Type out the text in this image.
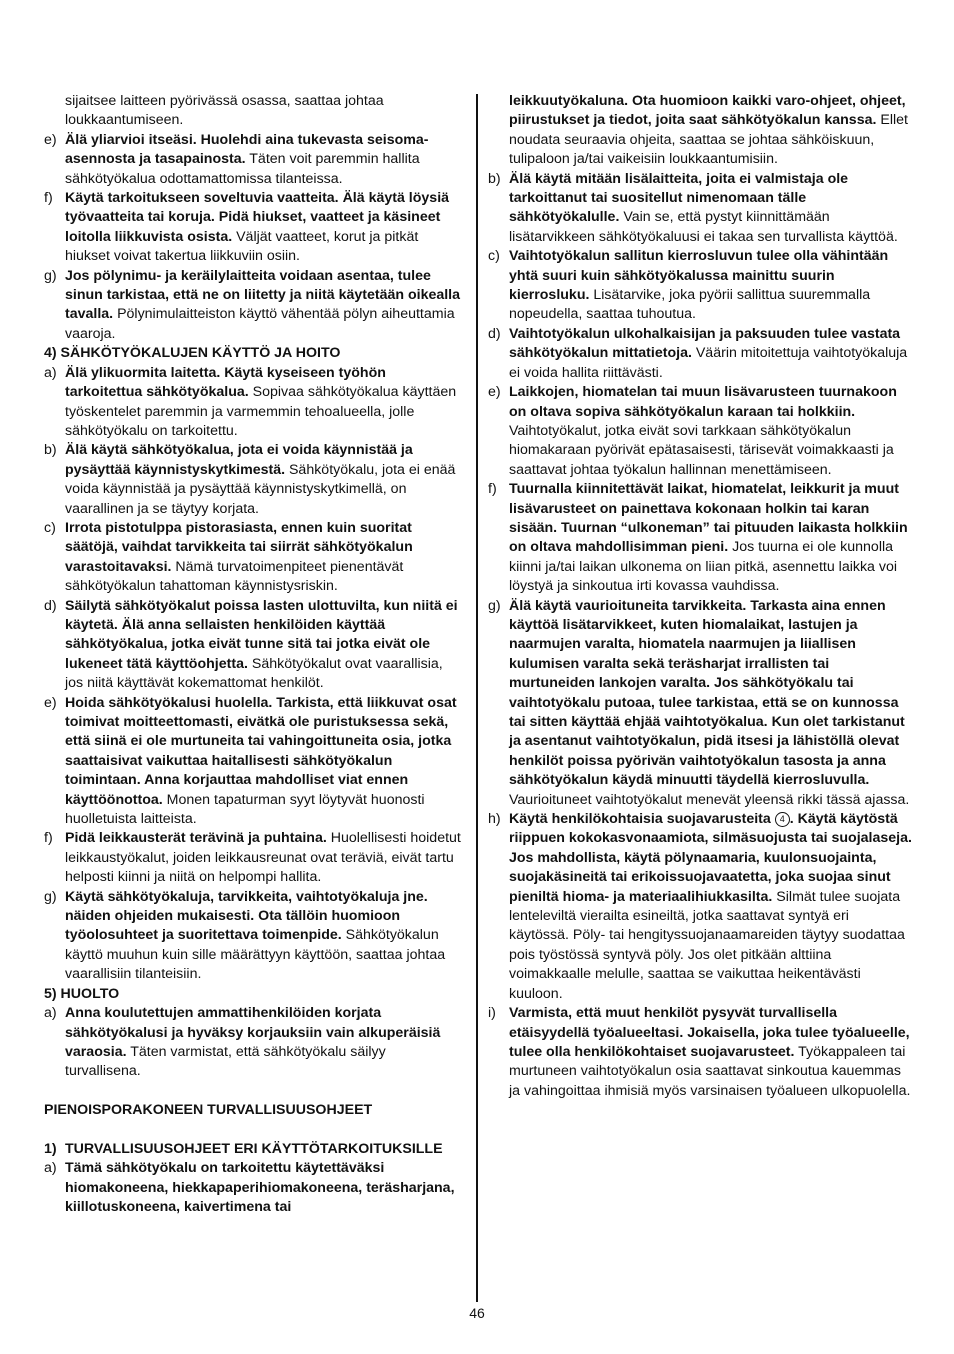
sijaitsee laitteen pyörivässä osassa, saattaa johtaa loukkaantumiseen.
e) Älä yliarvioi itseäsi. Huolehdi aina tukevasta seisoma-asennosta ja tasapainosta. Täten voit paremmin hallita sähkötyökalua odottamattomissa tilanteissa.
f) Käytä tarkoitukseen soveltuvia vaatteita. Älä käytä löysiä työvaatteita tai koruja. Pidä hiukset, vaatteet ja käsineet loitolla liikkuvista osista. Väljät vaatteet, korut ja pitkät hiukset voivat takertua liikkuviin osiin.
g) Jos pölynimu- ja keräilylaitteita voidaan asentaa, tulee sinun tarkistaa, että ne on liitetty ja niitä käytetään oikealla tavalla. Pölynimulaitteiston käyttö vähentää pölyn aiheuttamia vaaroja.
4) SÄHKÖTYÖKALUJEN KÄYTTÖ JA HOITO
a) Älä ylikuormita laitetta. Käytä kyseiseen työhön tarkoitettua sähkötyökalua. Sopivaa sähkötyökalua käyttäen työskentelet paremmin ja varmemmin tehoalueella, jolle sähkötyökalu on tarkoitettu.
b) Älä käytä sähkötyökalua, jota ei voida käynnistää ja pysäyttää käynnistyskytkimestä. Sähkötyökalu, jota ei enää voida käynnistää ja pysäyttää käynnistyskytkimellä, on vaarallinen ja se täytyy korjata.
c) Irrota pistotulppa pistorasiasta, ennen kuin suoritat säätöjä, vaihdat tarvikkeita tai siirrät sähkötyökalun varastoitavaksi. Nämä turvatoimenpiteet pienentävät sähkötyökalun tahattoman käynnistysriskin.
d) Säilytä sähkötyökalut poissa lasten ulottuvilta, kun niitä ei käytetä. Älä anna sellaisten henkilöiden käyttää sähkötyökalua, jotka eivät tunne sitä tai jotka eivät ole lukeneet tätä käyttöohjetta. Sähkötyökalut ovat vaarallisia, jos niitä käyttävät kokemattomat henkilöt.
e) Hoida sähkötyökalusi huolella. Tarkista, että liikkuvat osat toimivat moitteettomasti, eivätkä ole puristuksessa sekä, että siinä ei ole murtuneita tai vahingoittuneita osia, jotka saattaisivat vaikuttaa haitallisesti sähkötyökalun toimintaan. Anna korjauttaa mahdolliset viat ennen käyttöönottoa. Monen tapaturman syyt löytyvät huonosti huolletuista laitteista.
f) Pidä leikkausterät terävinä ja puhtaina. Huolellisesti hoidetut leikkaustyökalut, joiden leikkausreunat ovat teräviä, eivät tartu helposti kiinni ja niitä on helpompi hallita.
g) Käytä sähkötyökaluja, tarvikkeita, vaihtotyökaluja jne. näiden ohjeiden mukaisesti. Ota tällöin huomioon työolosuhteet ja suoritettava toimenpide. Sähkötyökalun käyttö muuhun kuin sille määrättyyn käyttöön, saattaa johtaa vaarallisiin tilanteisiin.
5) HUOLTO
a) Anna koulutettujen ammattihenkilöiden korjata sähkötyökalusi ja hyväksy korjauksiin vain alkuperäisiä varaosia. Täten varmistat, että sähkötyökalu säilyy turvallisena.
PIENOISPORAKONEEN TURVALLISUUSOHJEET
1) TURVALLISUUSOHJEET ERI KÄYTTÖTARKOITUKSILLE
a) Tämä sähkötyökalu on tarkoitettu käytettäväksi hiomakoneena, hiekkapaperihiomakoneena, teräsharjana, kiillotuskoneena, kaivertimena tai
leikkuutyökaluna. Ota huomioon kaikki varo-ohjeet, ohjeet, piirustukset ja tiedot, joita saat sähkötyökalun kanssa. Ellet noudata seuraavia ohjeita, saattaa se johtaa sähköiskuun, tulipaloon ja/tai vaikeisiin loukkaantumisiin.
b) Älä käytä mitään lisälaitteita, joita ei valmistaja ole tarkoittanut tai suositellut nimenomaan tälle sähkötyökalulle. Vain se, että pystyt kiinnittämään lisätarvikkeen sähkötyökaluusi ei takaa sen turvallista käyttöä.
c) Vaihtotyökalun sallitun kierrosluvun tulee olla vähintään yhtä suuri kuin sähkötyökalussa mainittu suurin kierrosluku. Lisätarvike, joka pyörii sallittua suuremmalla nopeudella, saattaa tuhoutua.
d) Vaihtotyökalun ulkohalkaisijan ja paksuuden tulee vastata sähkötyökalun mittatietoja. Väärin mitoitettuja vaihtotyökaluja ei voida hallita riittävästi.
e) Laikkojen, hiomatelan tai muun lisävarusteen tuurnakoon on oltava sopiva sähkötyökalun karaan tai holkkiin. Vaihtotyökalut, jotka eivät sovi tarkkaan sähkötyökalun hiomakaraan pyörivät epätasaisesti, tärisevät voimakkaasti ja saattavat johtaa työkalun hallinnan menettämiseen.
f) Tuurnalla kiinnitettävät laikat, hiomatelat, leikkurit ja muut lisävarusteet on painettava kokonaan holkin tai karan sisään. Tuurnan “ulkoneman” tai pituuden laikasta holkkiin on oltava mahdollisimman pieni. Jos tuurna ei ole kunnolla kiinni ja/tai laikan ulkonema on liian pitkä, asennettu laikka voi löystyä ja sinkoutua irti kovassa vauhdissa.
g) Älä käytä vaurioituneita tarvikkeita. Tarkasta aina ennen käyttöä lisätarvikkeet, kuten hiomalaikat, lastujen ja naarmujen varalta, hiomatela naarmujen ja liiallisen kulumisen varalta sekä teräsharjat irrallisten tai murtuneiden lankojen varalta. Jos sähkötyökalu tai vaihtotyökalu putoaa, tulee tarkistaa, että se on kunnossa tai sitten käyttää ehjää vaihtotyökalua. Kun olet tarkistanut ja asentanut vaihtotyökalun, pidä itsesi ja lähistöllä olevat henkilöt poissa pyörivän vaihtotyökalun tasosta ja anna sähkötyökalun käydä minuutti täydellä kierrosluvulla. Vaurioituneet vaihtotyökalut menevät yleensä rikki tässä ajassa.
h) Käytä henkilökohtaisia suojavarusteita 4 . Käytä käytöstä riippuen kokokasvonaamiota, silmäsuojusta tai suojalaseja. Jos mahdollista, käytä pölynaamaria, kuulonsuojainta, suojakäsineitä tai erikoissuojavaatetta, joka suojaa sinut pieniltä hioma- ja materiaalihiukkasilta. Silmät tulee suojata lenteleviltä vierailta esineiltä, jotka saattavat syntyä eri käytössä. Pöly- tai hengityssuojanaamareiden täytyy suodattaa pois työstössä syntyvä pöly. Jos olet pitkään alttiina voimakkaalle melulle, saattaa se vaikuttaa heikentävästi kuuloon.
i) Varmista, että muut henkilöt pysyvät turvallisella etäisyydellä työalueeltasi. Jokaisella, joka tulee työalueelle, tulee olla henkilökohtaiset suojavarusteet. Työkappaleen tai murtuneen vaihtotyökalun osia saattavat sinkoutua kauemmas ja vahingoittaa ihmisiä myös varsinaisen työalueen ulkopuolella.
46
